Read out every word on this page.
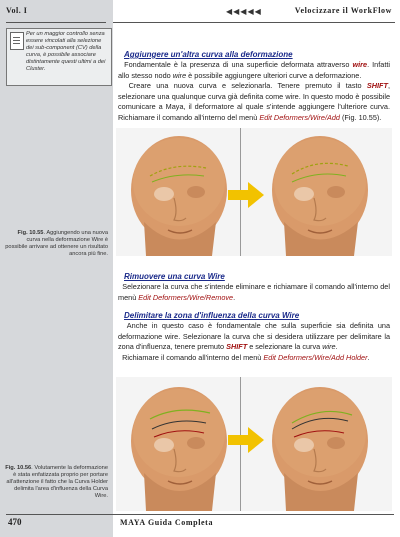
Vol. I	◀◀◀◀◀	Velocizzare il WorkFlow
Per un maggior controllo senza essere vincolati alla selezione dei sub-component (CV) della curva, è possibile associare distintamente questi ultimi a dei Cluster.
Aggiungere un'altra curva alla deformazione
Fondamentale è la presenza di una superficie deformata attraverso wire. Infatti allo stesso nodo wire è possibile aggiungere ulteriori curve a deformazione.
Creare una nuova curva e selezionarla. Tenere premuto il tasto SHIFT, selezionare una qualunque curva già definita come wire. In questo modo è possibile comunicare a Maya, il deformatore al quale s'intende aggiungere l'ulteriore curva. Richiamare il comando all'interno del menù Edit Deformers/Wire/Add (Fig. 10.55).
Fig. 10.55. Aggiungendo una nuova curva nella deformazione Wire è possibile arrivare ad ottenere un risultato ancora più fine.
Rimuovere una curva Wire
Selezionare la curva che s'intende eliminare e richiamare il comando all'interno del menù Edit Deformers/Wire/Remove.
Delimitare la zona d'influenza della curva Wire
Anche in questo caso è fondamentale che sulla superficie sia definita una deformazione wire. Selezionare la curva che si desidera utilizzare per delimitare la zona d'influenza, tenere premuto SHIFT e selezionare la curva wire.
Richiamare il comando all'interno del menù Edit Deformers/Wire/Add Holder.
Fig. 10.56. Volutamente la deformazione è stata enfatizzata proprio per portare all'attenzione il fatto che la Curva Holder delimita l'area d'influenza della Curva Wire.
470	MAYA Guida Completa
